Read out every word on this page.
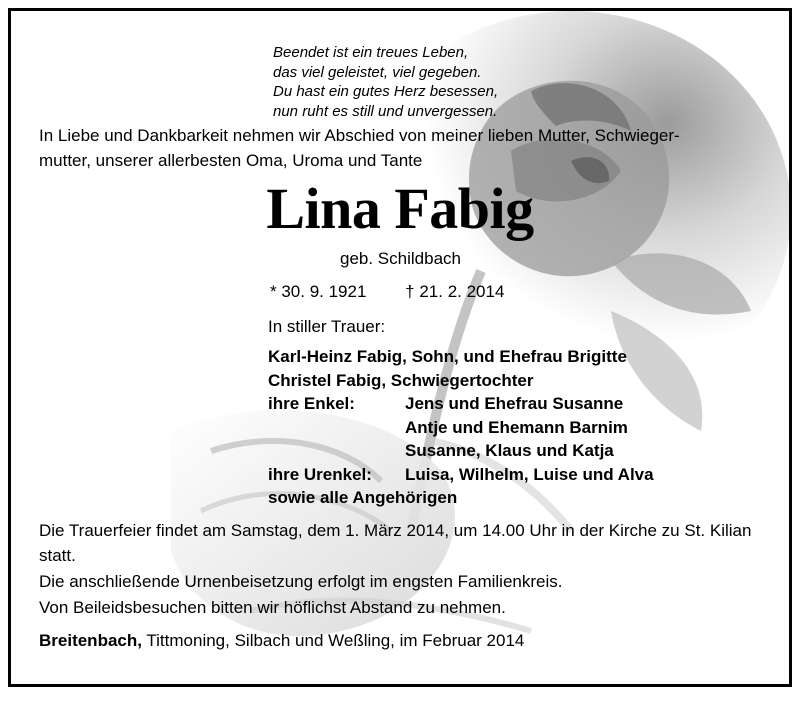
Beendet ist ein treues Leben,
das viel geleistet, viel gegeben.
Du hast ein gutes Herz besessen,
nun ruht es still und unvergessen.
In Liebe und Dankbarkeit nehmen wir Abschied von meiner lieben Mutter, Schwieger-
mutter, unserer allerbesten Oma, Uroma und Tante
Lina Fabig
geb. Schildbach
* 30. 9. 1921 † 21. 2. 2014
In stiller Trauer:
Karl-Heinz Fabig, Sohn, und Ehefrau Brigitte
Christel Fabig, Schwiegertochter
ihre Enkel:	Jens und Ehefrau Susanne
Antje und Ehemann Barnim
Susanne, Klaus und Katja
ihre Urenkel:	Luisa, Wilhelm, Luise und Alva
sowie alle Angehörigen

Die Trauerfeier findet am Samstag, dem 1. März 2014, um 14.00 Uhr in der Kirche zu St. Kilian statt.

Die anschließende Urnenbeisetzung erfolgt im engsten Familienkreis.

Von Beileidsbesuchen bitten wir höflichst Abstand zu nehmen.

Breitenbach, Tittmoning, Silbach und Weßling, im Februar 2014
